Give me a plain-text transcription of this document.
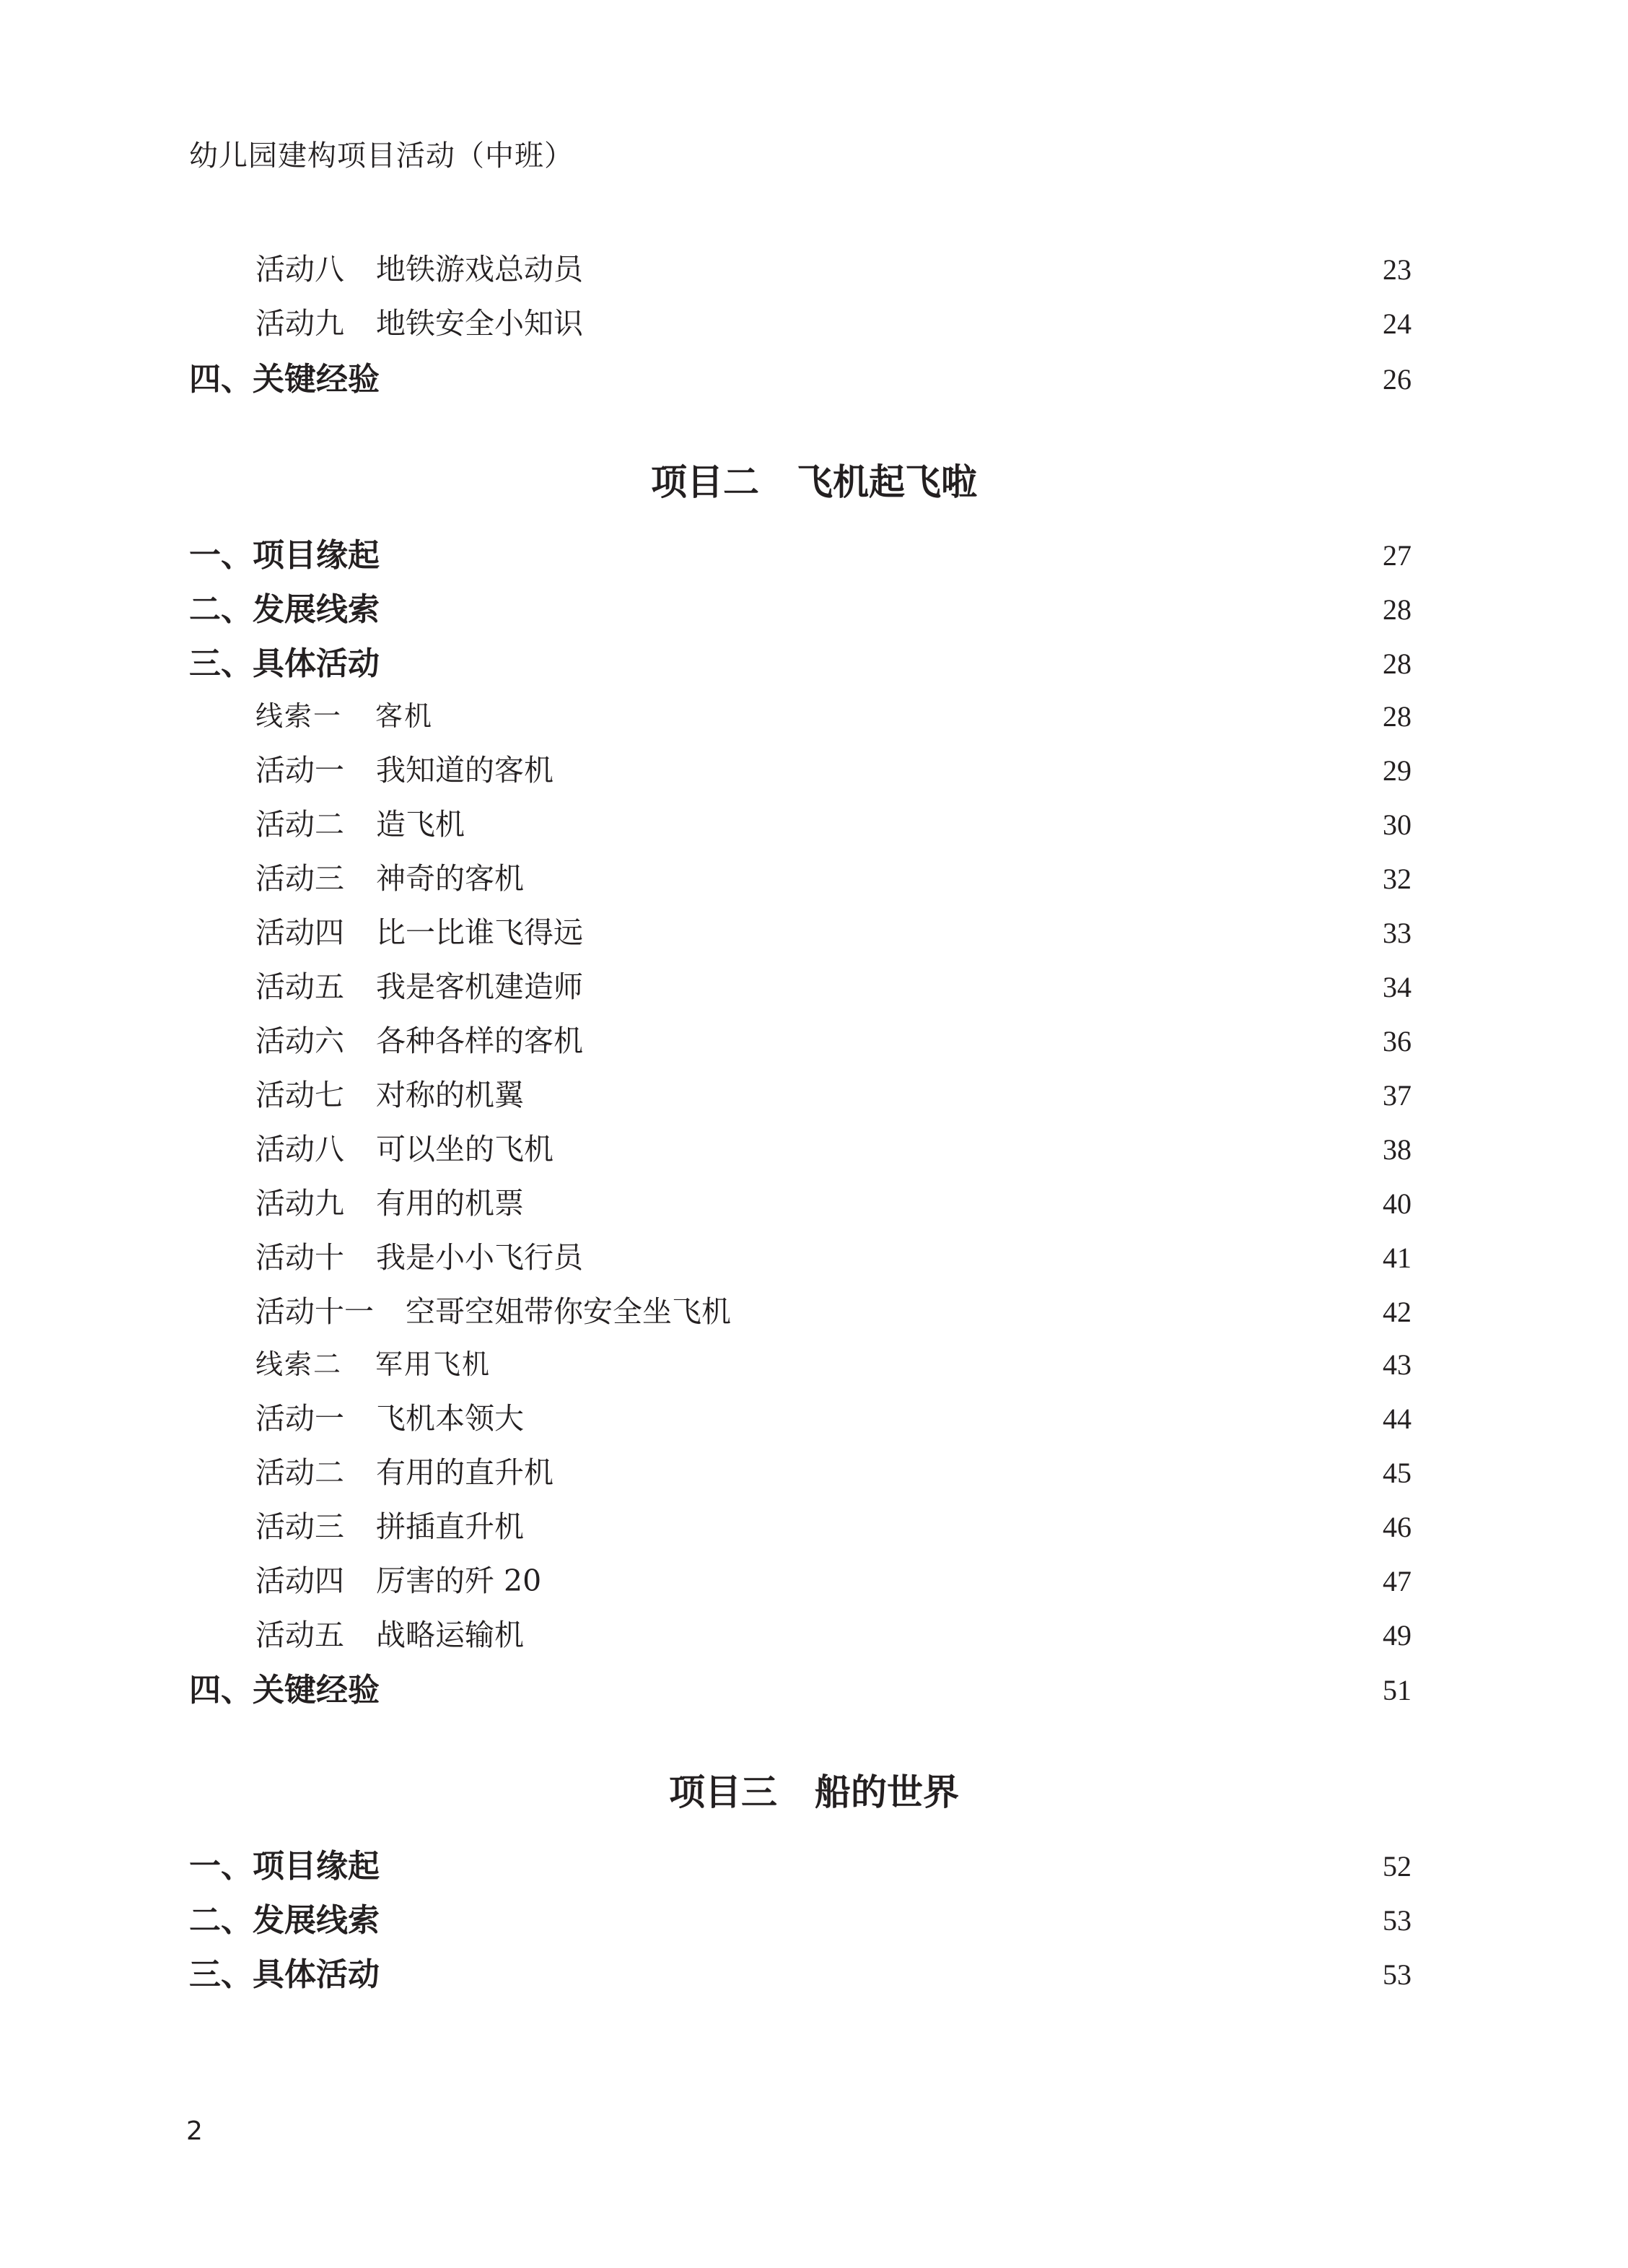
幼儿园建构项目活动（中班）
活动八 地铁游戏总动员	23
活动九 地铁安全小知识	24
四、关键经验	26
项目二 飞机起飞啦
一、项目缘起	27
二、发展线索	28
三、具体活动	28
线索一 客机	28
活动一 我知道的客机	29
活动二 造飞机	30
活动三 神奇的客机	32
活动四 比一比谁飞得远	33
活动五 我是客机建造师	34
活动六 各种各样的客机	36
活动七 对称的机翼	37
活动八 可以坐的飞机	38
活动九 有用的机票	40
活动十 我是小小飞行员	41
活动十一 空哥空姐带你安全坐飞机	42
线索二 军用飞机	43
活动一 飞机本领大	44
活动二 有用的直升机	45
活动三 拼插直升机	46
活动四 厉害的歼 20	47
活动五 战略运输机	49
四、关键经验	51
项目三 船的世界
一、项目缘起	52
二、发展线索	53
三、具体活动	53
2
